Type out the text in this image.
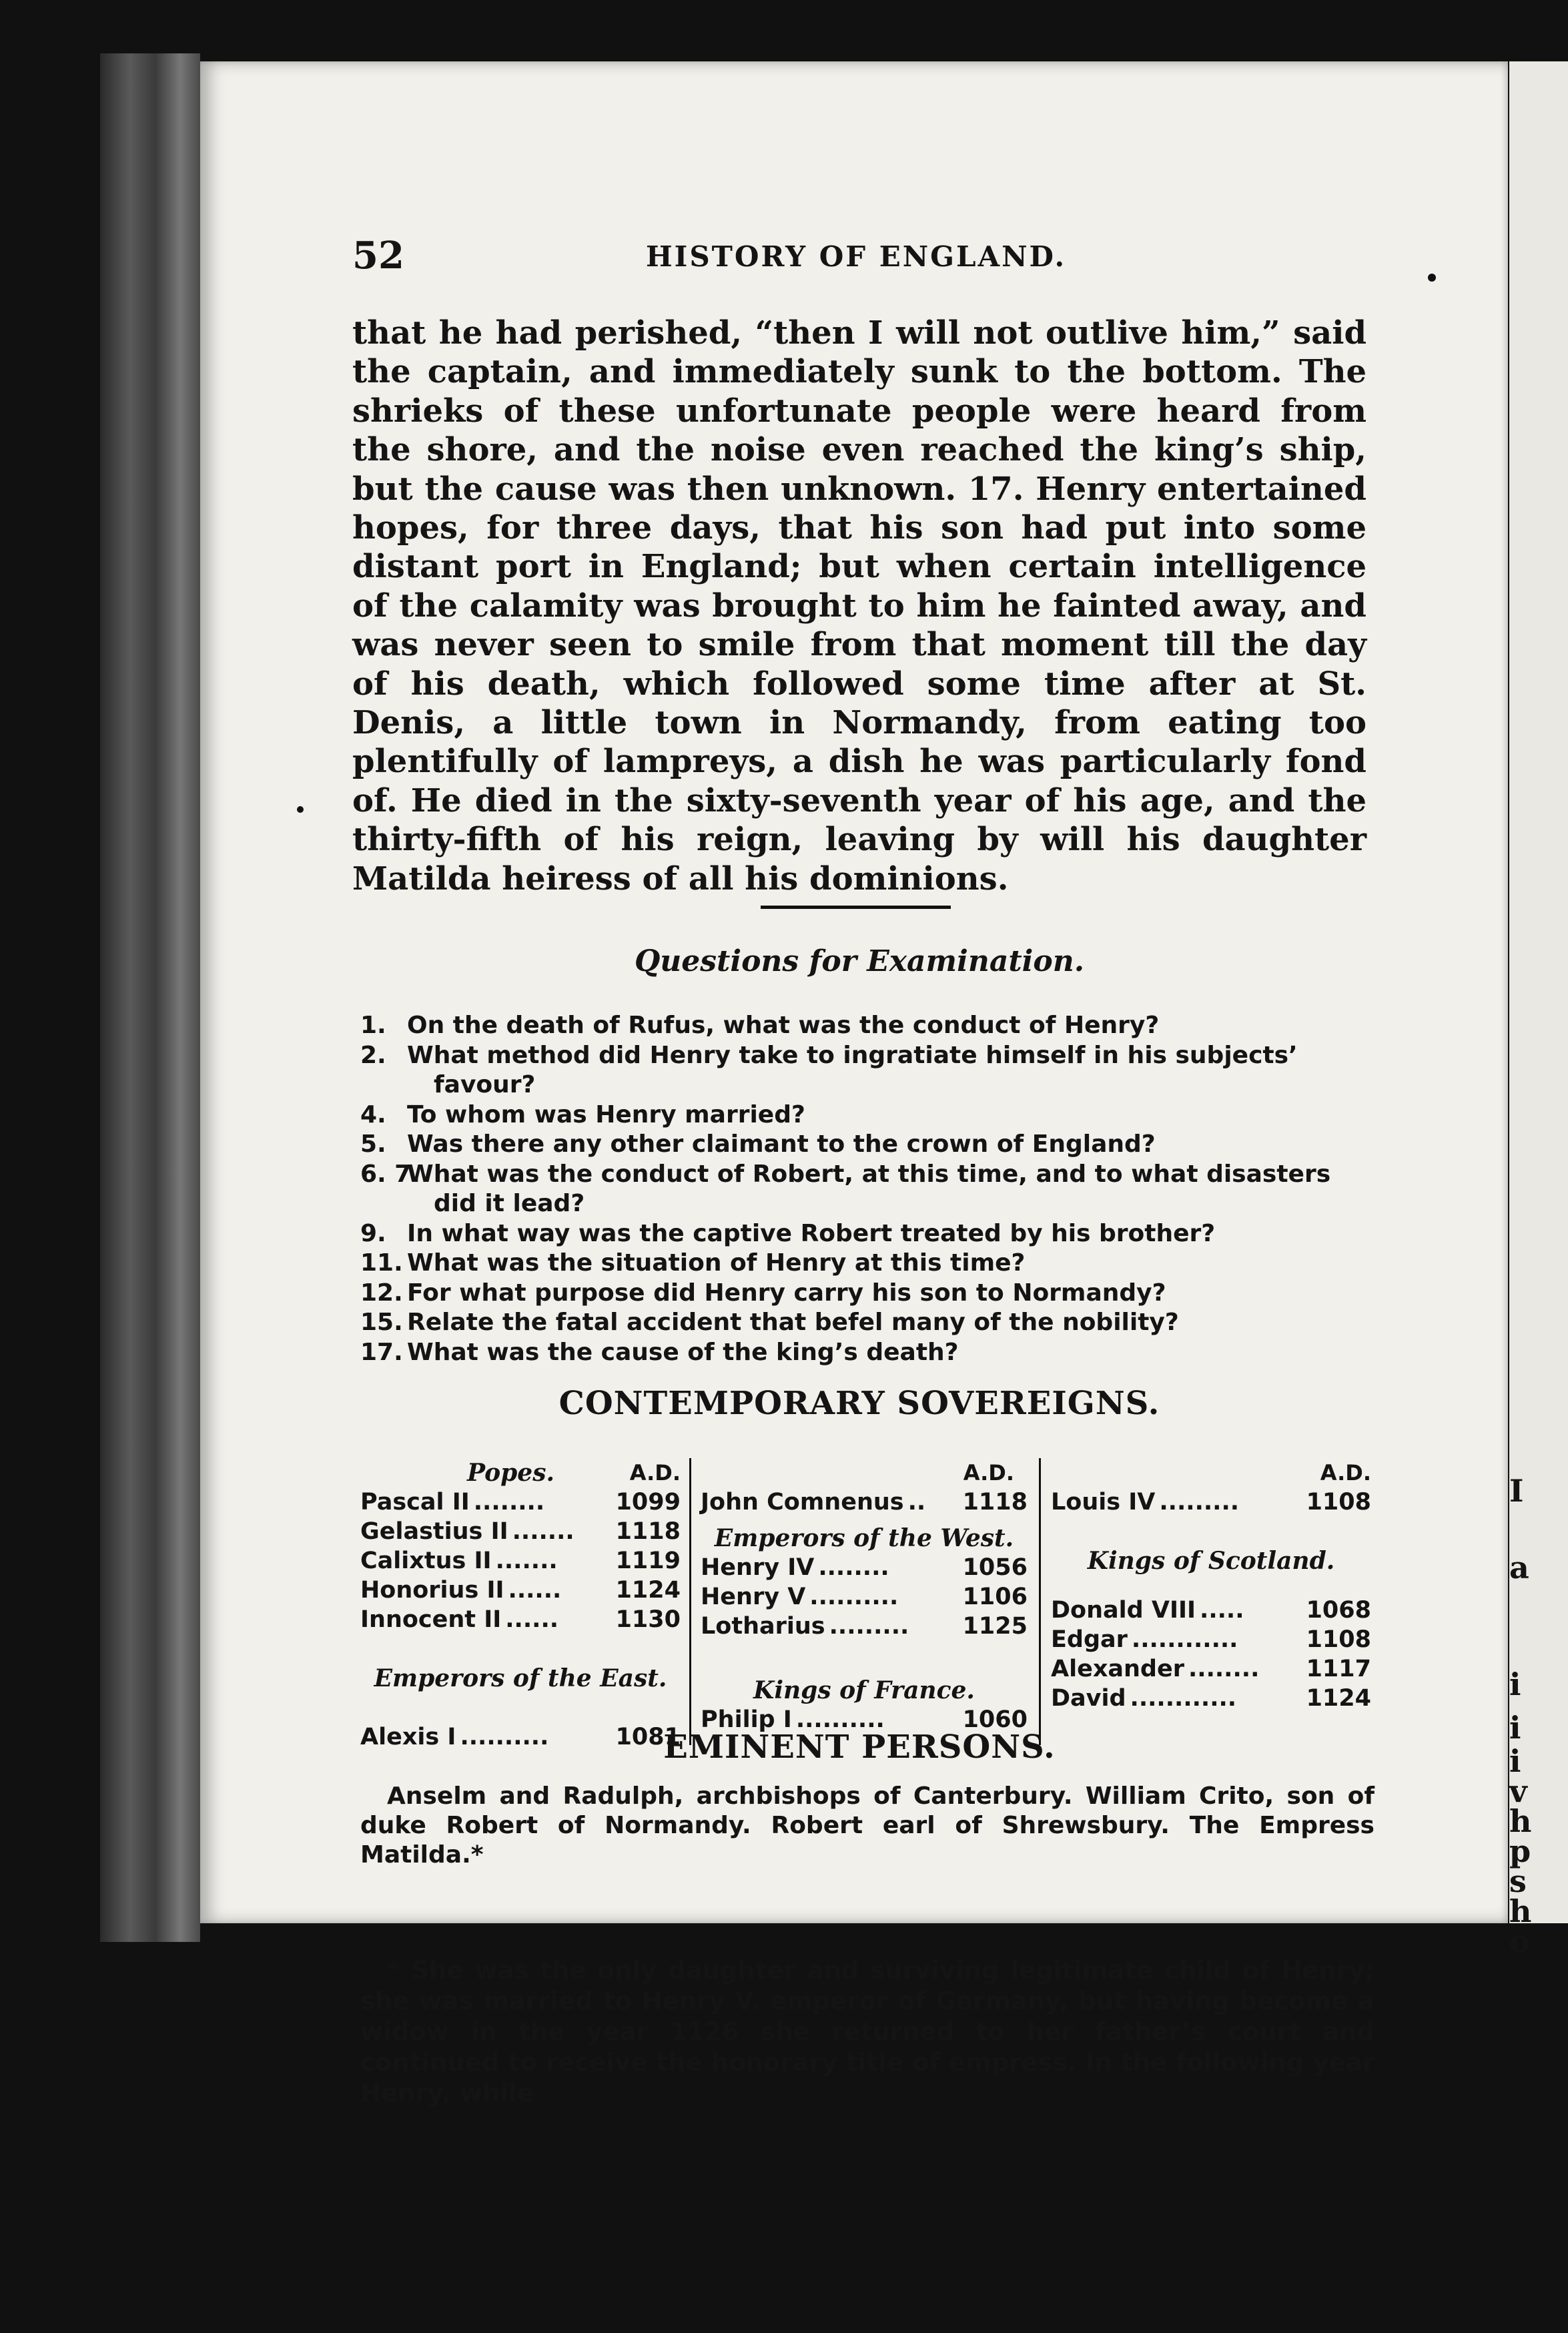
I
i
a
i
i
v
h
p
s
h
o
52	HISTORY OF ENGLAND.

that he had perished, “then I will not outlive him,” said the captain, and immediately sunk to the bottom. The shrieks of these unfortunate people were heard from the shore, and the noise even reached the king’s ship, but the cause was then unknown. 17. Henry entertained hopes, for three days, that his son had put into some distant port in England; but when certain intelligence of the calamity was brought to him he fainted away, and was never seen to smile from that moment till the day of his death, which followed some time after at St. Denis, a little town in Normandy, from eating too plentifully of lampreys, a dish he was particularly fond of. He died in the sixty-seventh year of his age, and the thirty-fifth of his reign, leaving by will his daughter Matilda heiress of all his dominions.

Questions for Examination.
1. On the death of Rufus, what was the conduct of Henry?
2. What method did Henry take to ingratiate himself in his subjects’
favour?
4. To whom was Henry married?
5. Was there any other claimant to the crown of England?
6. 7.
What was the conduct of Robert, at this time, and to what disasters
did it lead?
9. In what way was the captive Robert treated by his brother?
11. What was the situation of Henry at this time?
12. For what purpose did Henry carry his son to Normandy?
15. Relate the fatal accident that befel many of the nobility?
17. What was the cause of the king’s death?
CONTEMPORARY SOVEREIGNS.
Popes.	A.D.
Pascal II ........	1099
Gelastius II .......	1118
Calixtus II .......	1119
Honorius II ......	1124
Innocent II ......	1130
Emperors of the East.
Alexis I ..........	1081
A.D.
John Comnenus ..	1118
Emperors of the West.
Henry IV ........	1056
Henry V ..........	1106
Lotharius .........	1125
Kings of France.
Philip I ..........	1060
A.D.
Louis IV .........	1108
Kings of Scotland.
Donald VIII .....	1068
Edgar ............	1108
Alexander ........	1117
David ............	1124
EMINENT PERSONS.
Anselm and Radulph, archbishops of Canterbury. William Crito, son of duke Robert of Normandy. Robert earl of Shrewsbury. The Empress Matilda.*
* She was the only daughter and surviving legitimate child of Henry; she was married to Henry V. emperor of Germany, but having become a widow in the year 1126 she returned to her father’s court and continued to receive the honorary title of empress. In the following year Henry, while
